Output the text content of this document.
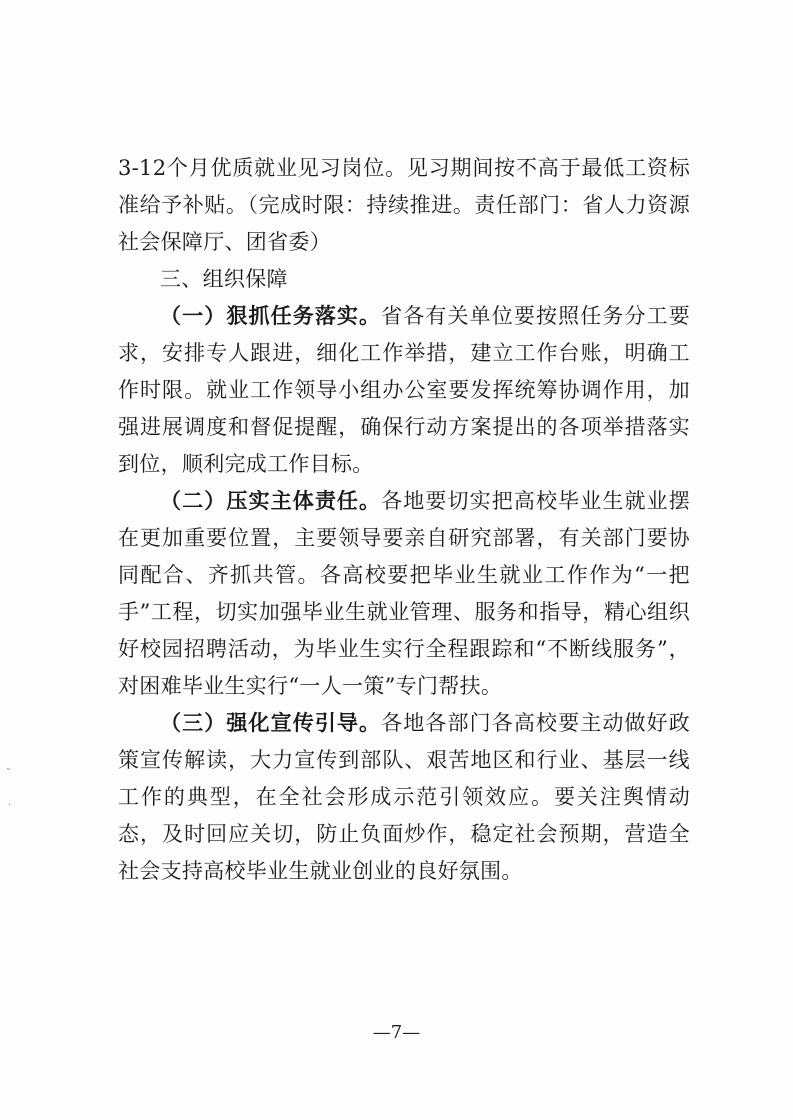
3-12个月优质就业见习岗位。见习期间按不高于最低工资标准给予补贴。（完成时限：持续推进。责任部门：省人力资源社会保障厅、团省委）

三、组织保障

（一）狠抓任务落实。省各有关单位要按照任务分工要求，安排专人跟进，细化工作举措，建立工作台账，明确工作时限。就业工作领导小组办公室要发挥统筹协调作用，加强进展调度和督促提醒，确保行动方案提出的各项举措落实到位，顺利完成工作目标。

（二）压实主体责任。各地要切实把高校毕业生就业摆在更加重要位置，主要领导要亲自研究部署，有关部门要协同配合、齐抓共管。各高校要把毕业生就业工作作为“一把手”工程，切实加强毕业生就业管理、服务和指导，精心组织好校园招聘活动，为毕业生实行全程跟踪和“不断线服务”，对困难毕业生实行“一人一策”专门帮扶。

（三）强化宣传引导。各地各部门各高校要主动做好政策宣传解读，大力宣传到部队、艰苦地区和行业、基层一线工作的典型，在全社会形成示范引领效应。要关注舆情动态，及时回应关切，防止负面炒作，稳定社会预期，营造全社会支持高校毕业生就业创业的良好氛围。

—7—
˘
·
